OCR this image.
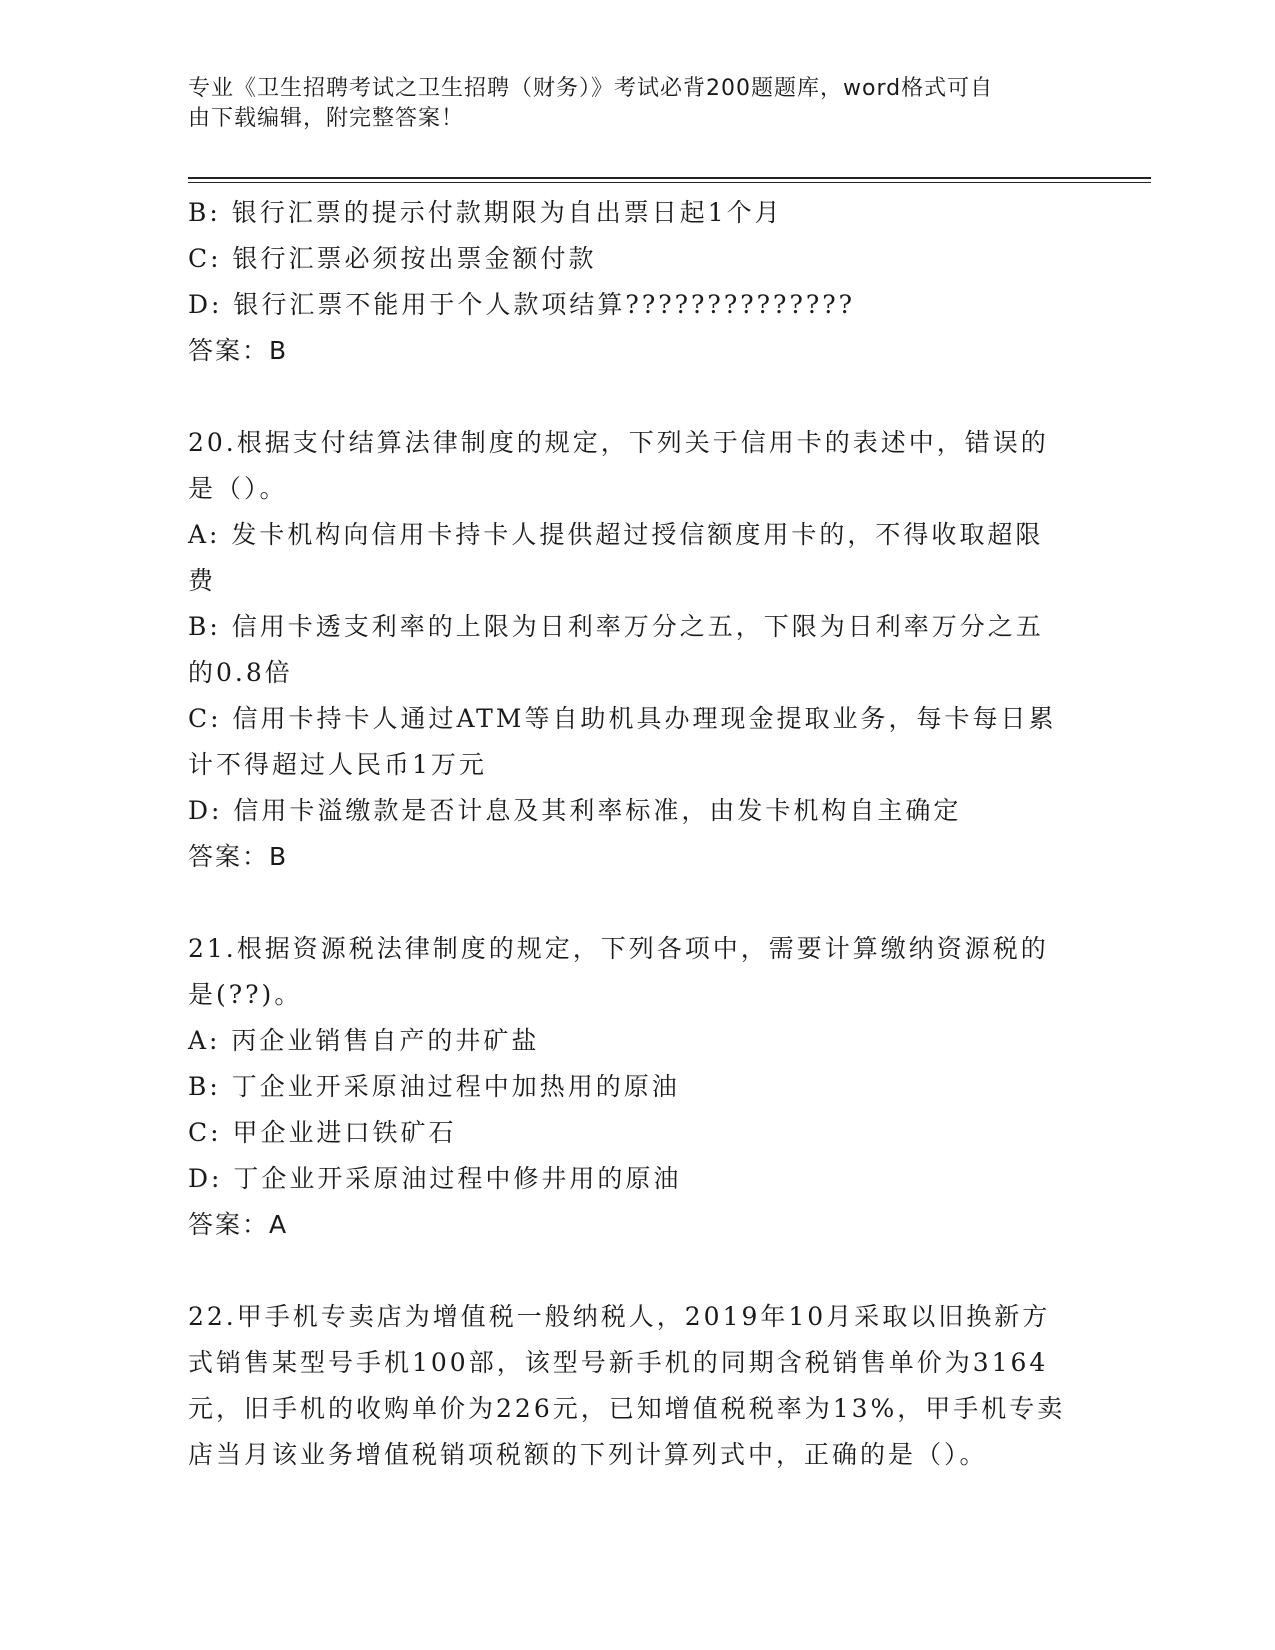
专业《卫生招聘考试之卫生招聘（财务）》考试必背200题题库，word格式可自
由下载编辑，附完整答案！
B: 银行汇票的提示付款期限为自出票日起1个月
C: 银行汇票必须按出票金额付款
D: 银行汇票不能用于个人款项结算??????????????
答案：B
20.根据支付结算法律制度的规定，下列关于信用卡的表述中，错误的
是（）。
A: 发卡机构向信用卡持卡人提供超过授信额度用卡的，不得收取超限
费
B: 信用卡透支利率的上限为日利率万分之五，下限为日利率万分之五
的0.8倍
C: 信用卡持卡人通过ATM等自助机具办理现金提取业务，每卡每日累
计不得超过人民币1万元
D: 信用卡溢缴款是否计息及其利率标准，由发卡机构自主确定
答案：B
21.根据资源税法律制度的规定，下列各项中，需要计算缴纳资源税的
是(??)。
A: 丙企业销售自产的井矿盐
B: 丁企业开采原油过程中加热用的原油
C: 甲企业进口铁矿石
D: 丁企业开采原油过程中修井用的原油
答案：A
22.甲手机专卖店为增值税一般纳税人，2019年10月采取以旧换新方
式销售某型号手机100部，该型号新手机的同期含税销售单价为3164
元，旧手机的收购单价为226元，已知增值税税率为13%，甲手机专卖
店当月该业务增值税销项税额的下列计算列式中，正确的是（）。
